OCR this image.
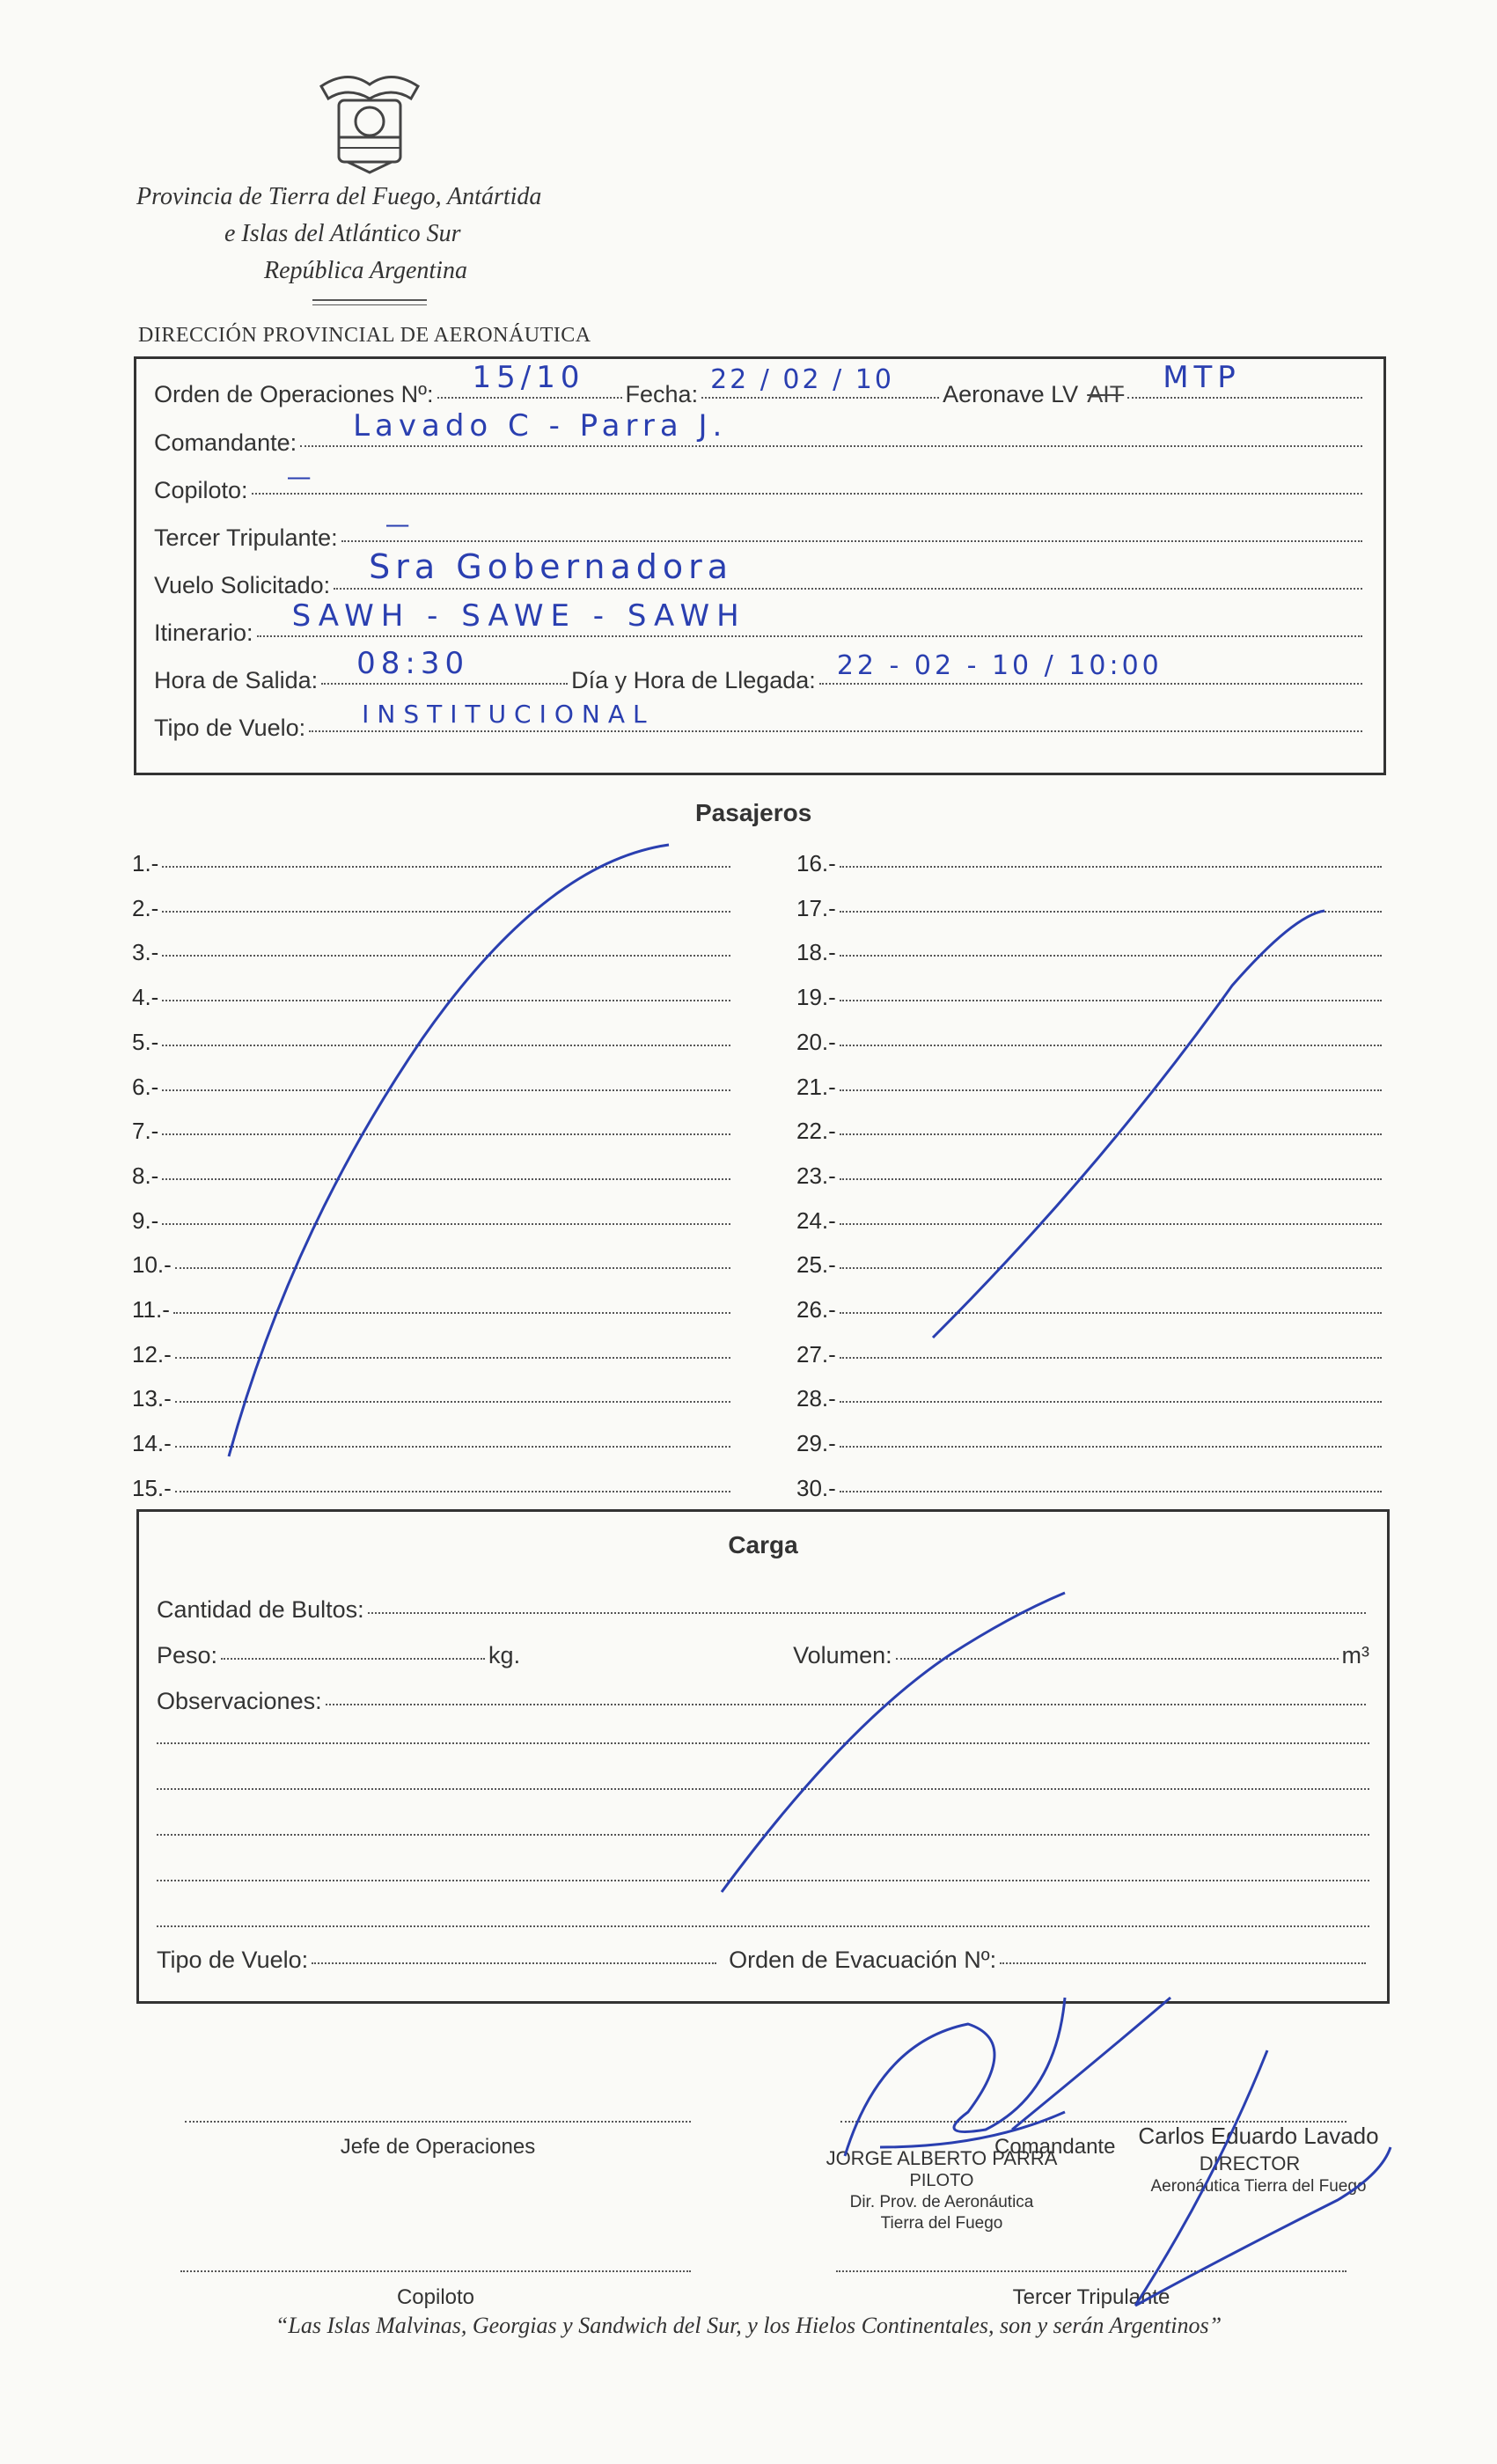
Provincia de Tierra del Fuego, Antártida
e Islas del Atlántico Sur
República Argentina
DIRECCIÓN PROVINCIAL DE AERONÁUTICA
Orden de Operaciones Nº: 15/10 Fecha: 22 / 02 / 10 Aeronave LV AIT MTP
Comandante: Lavado C - Parra J.
Copiloto: —
Tercer Tripulante: —
Vuelo Solicitado: Sra Gobernadora
Itinerario: SAWH - SAWE - SAWH
Hora de Salida: 08:30	Día y Hora de Llegada: 22 - 02 - 10 / 10:00
Tipo de Vuelo: INSTITUCIONAL
Pasajeros
1.-
2.-
3.-
4.-
5.-
6.-
7.-
8.-
9.-
10.-
11.-
12.-
13.-
14.-
15.-
16.-
17.-
18.-
19.-
20.-
21.-
22.-
23.-
24.-
25.-
26.-
27.-
28.-
29.-
30.-
Carga
Cantidad de Bultos:
Peso:	kg.	Volumen:	m³
Observaciones:
Tipo de Vuelo:	Orden de Evacuación Nº:
Jefe de Operaciones	Comandante
JORGE ALBERTO PARRA
PILOTO
Dir. Prov. de Aeronáutica
Tierra del Fuego
Carlos Eduardo Lavado
DIRECTOR
Aeronáutica Tierra del Fuego
Copiloto	Tercer Tripulante
“Las Islas Malvinas, Georgias y Sandwich del Sur, y los Hielos Continentales, son y serán Argentinos”
